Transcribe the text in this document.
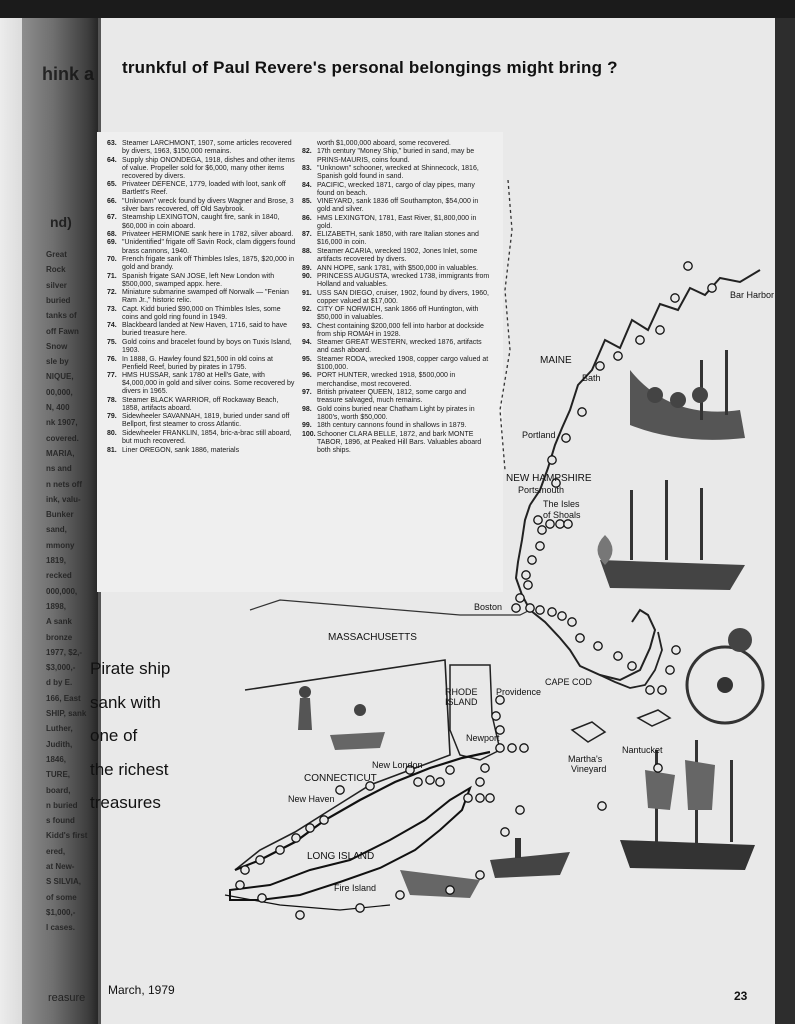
hink a
nd)
Great
Rock
silver
buried
tanks of
off Fawn
Snow
sle by
NIQUE,
00,000,
N, 400
nk 1907,
covered.
MARIA,
ns and
n nets off
ink, valu-
Bunker
sand,
mmony
1819,
recked
000,000,
1898,
A sank
bronze
1977, $2,-
$3,000,-
d by E.
166, East
SHIP, sank
Luther,
Judith,
1846,
TURE,
board,
n buried
s found
Kidd's first
ered,
at New-
S SILVIA,
of some
$1,000,-
l cases.
reasure
trunkful of Paul Revere's personal belongings might bring ?
63. Steamer LARCHMONT, 1907, some articles recovered by divers, 1963, $150,000 remains.
64. Supply ship ONONDEGA, 1918, dishes and other items of value. Propeller sold for $6,000, many other items recovered by divers.
65. Privateer DEFENCE, 1779, loaded with loot, sank off Bartlett's Reef.
66. "Unknown" wreck found by divers Wagner and Brose, 3 silver bars recovered, off Old Saybrook.
67. Steamship LEXINGTON, caught fire, sank in 1840, $60,000 in coin aboard.
68. Privateer HERMIONE sank here in 1782, silver aboard.
69. "Unidentified" frigate off Savin Rock, clam diggers found brass cannons, 1940.
70. French frigate sank off Thimbles Isles, 1875, $20,000 in gold and brandy.
71. Spanish frigate SAN JOSE, left New London with $500,000, swamped appx. here.
72. Miniature submarine swamped off Norwalk — "Fenian Ram Jr.," historic relic.
73. Capt. Kidd buried $90,000 on Thimbles Isles, some coins and gold ring found in 1949.
74. Blackbeard landed at New Haven, 1716, said to have buried treasure here.
75. Gold coins and bracelet found by boys on Tuxis Island, 1903.
76. In 1888, G. Hawley found $21,500 in old coins at Penfield Reef, buried by pirates in 1795.
77. HMS HUSSAR, sank 1780 at Hell's Gate, with $4,000,000 in gold and silver coins. Some recovered by divers in 1965.
78. Steamer BLACK WARRIOR, off Rockaway Beach, 1858, artifacts aboard.
79. Sidewheeler SAVANNAH, 1819, buried under sand off Bellport, first steamer to cross Atlantic.
80. Sidewheeler FRANKLIN, 1854, bric-a-brac still aboard, but much recovered.
81. Liner OREGON, sank 1886, materials
worth $1,000,000 aboard, some recovered.
82. 17th century "Money Ship," buried in sand, may be PRINS-MAURIS, coins found.
83. "Unknown" schooner, wrecked at Shinnecock, 1816, Spanish gold found in sand.
84. PACIFIC, wrecked 1871, cargo of clay pipes, many found on beach.
85. VINEYARD, sank 1836 off Southampton, $54,000 in gold and silver.
86. HMS LEXINGTON, 1781, East River, $1,800,000 in gold.
87. ELIZABETH, sank 1850, with rare Italian stones and $16,000 in coin.
88. Steamer ACARIA, wrecked 1902, Jones Inlet, some artifacts recovered by divers.
89. ANN HOPE, sank 1781, with $500,000 in valuables.
90. PRINCESS AUGUSTA, wrecked 1738, immigrants from Holland and valuables.
91. USS SAN DIEGO, cruiser, 1902, found by divers, 1960, copper valued at $17,000.
92. CITY OF NORWICH, sank 1866 off Huntington, with $50,000 in valuables.
93. Chest containing $200,000 fell into harbor at dockside from ship ROMAH in 1928.
94. Steamer GREAT WESTERN, wrecked 1876, artifacts and cash aboard.
95. Steamer RODA, wrecked 1908, copper cargo valued at $100,000.
96. PORT HUNTER, wrecked 1918, $500,000 in merchandise, most recovered.
97. British privateer QUEEN, 1812, some cargo and treasure salvaged, much remains.
98. Gold coins buried near Chatham Light by pirates in 1800's, worth $50,000.
99. 18th century cannons found in shallows in 1879.
100. Schooner CLARA BELLE, 1872, and bark MONTE TABOR, 1896, at Peaked Hill Bars. Valuables aboard both ships.
Bar Harbor
MAINE
Bath
Portland
NEW HAMPSHIRE
Portsmouth
The Isles
of Shoals
Boston
MASSACHUSETTS
CAPE COD
RHODE
ISLAND
Providence
Newport
Nantucket
Martha's
Vineyard
New London
CONNECTICUT
New Haven
LONG ISLAND
Fire Island
Pirate ship
sank with
one of
the richest
treasures
March, 1979	23
